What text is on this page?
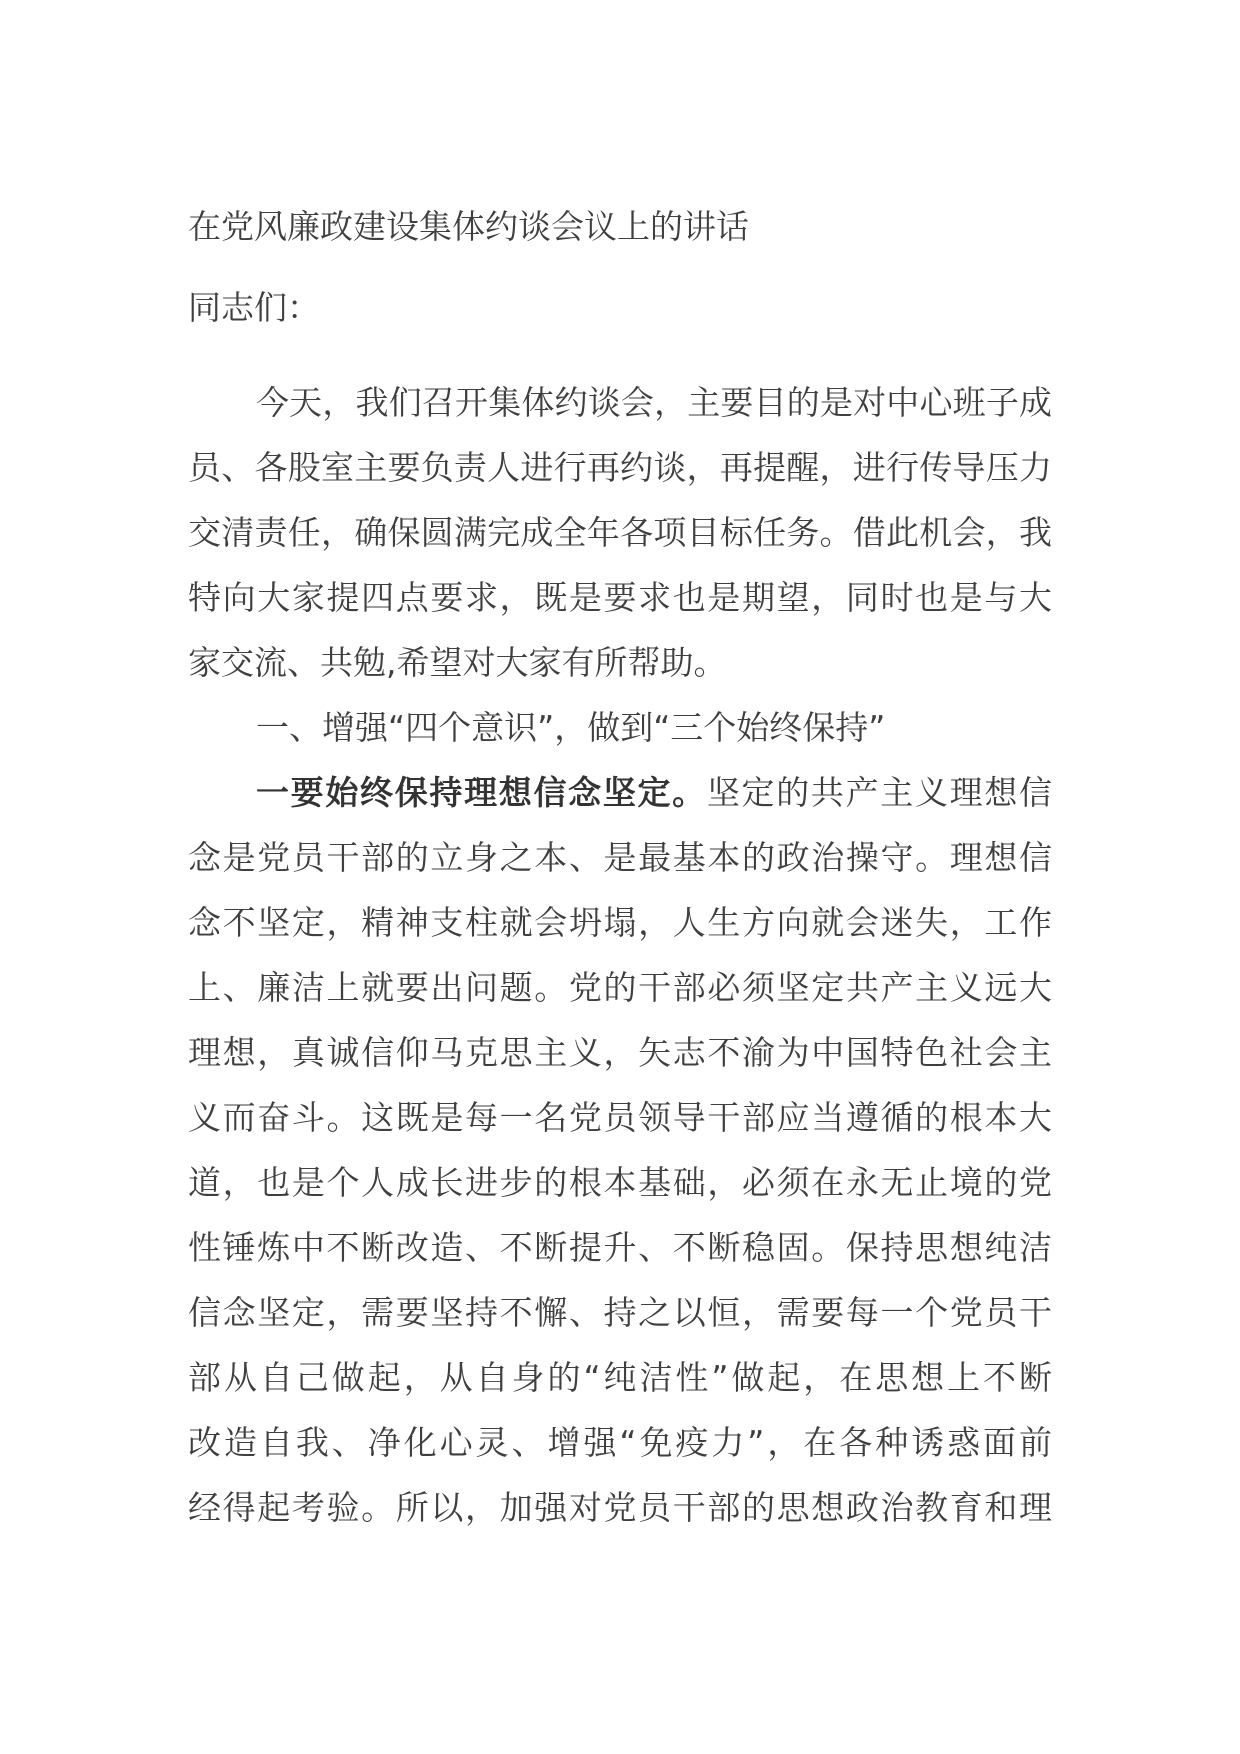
在党风廉政建设集体约谈会议上的讲话
同志们：
今天，我们召开集体约谈会，主要目的是对中心班子成
员、各股室主要负责人进行再约谈，再提醒，进行传导压力
交清责任，确保圆满完成全年各项目标任务。借此机会，我
特向大家提四点要求，既是要求也是期望，同时也是与大
家交流、共勉,希望对大家有所帮助。
一、增强“四个意识”，做到“三个始终保持”
一要始终保持理想信念坚定。坚定的共产主义理想信
念是党员干部的立身之本、是最基本的政治操守。理想信
念不坚定，精神支柱就会坍塌，人生方向就会迷失，工作
上、廉洁上就要出问题。党的干部必须坚定共产主义远大
理想，真诚信仰马克思主义，矢志不渝为中国特色社会主
义而奋斗。这既是每一名党员领导干部应当遵循的根本大
道，也是个人成长进步的根本基础，必须在永无止境的党
性锤炼中不断改造、不断提升、不断稳固。保持思想纯洁
信念坚定，需要坚持不懈、持之以恒，需要每一个党员干
部从自己做起，从自身的“纯洁性”做起，在思想上不断
改造自我、净化心灵、增强“免疫力”，在各种诱惑面前
经得起考验。所以，加强对党员干部的思想政治教育和理
